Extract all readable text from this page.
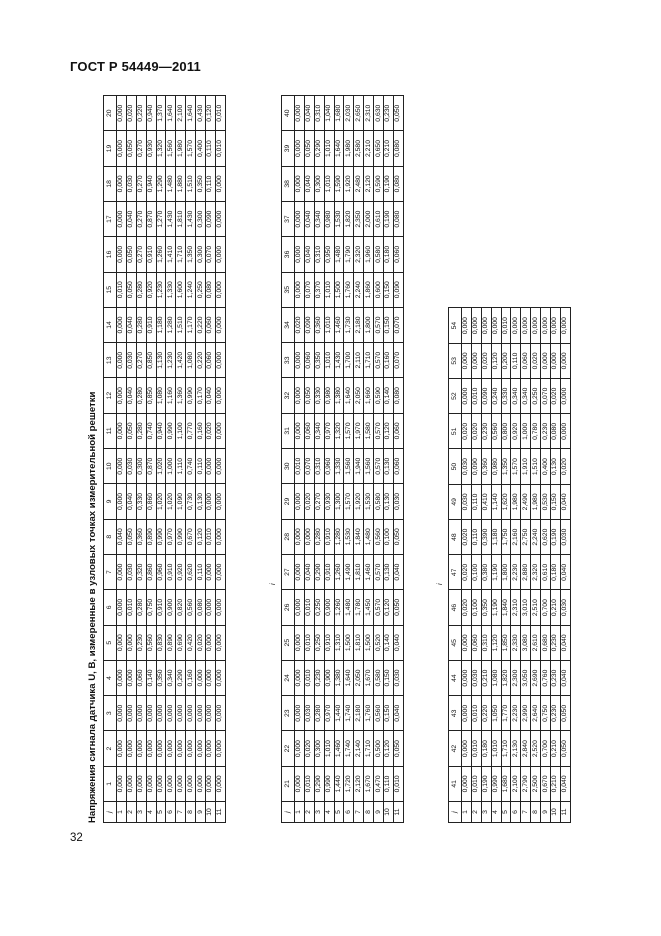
ГОСТ Р 54449—2011
Напряжения сигнала датчика U, B, измеренные в узловых точках измерительной решетки	j	1	2	3	4	5	6	7	8	9	10	11	12	13	14	15	16	17	18	19	20
1	0,000	0,000	0,000	0,000	0,000	0,000	0,000	0,040	0,000	0,000	0,000	0,000	0,000	0,000	0,010	0,000	0,000	0,000	0,000	0,000
2	0,000	0,000	0,000	0,000	0,000	0,010	0,030	0,050	0,040	0,030	0,050	0,040	0,030	0,040	0,050	0,050	0,040	0,030	0,050	0,020
3	0,000	0,000	0,000	0,060	0,230	0,280	0,320	0,360	0,330	0,300	0,280	0,280	0,270	0,280	0,280	0,270	0,270	0,270	0,270	0,220
4	0,000	0,000	0,000	0,140	0,560	0,750	0,860	0,890	0,860	0,870	0,740	0,850	0,850	0,910	0,920	0,910	0,870	0,940	0,930	0,940
5	0,000	0,000	0,000	0,350	0,830	0,910	0,960	0,990	1,020	1,020	0,940	1,080	1,130	1,180	1,230	1,260	1,270	1,290	1,320	1,370
6	0,000	0,000	0,000	0,340	0,890	0,900	0,910	0,970	1,020	1,000	0,990	1,160	1,230	1,280	1,330	1,410	1,430	1,480	1,560	1,640
7	0,000	0,000	0,000	0,290	0,690	0,820	0,920	0,990	1,090	1,110	1,100	1,360	1,420	1,510	1,600	1,710	1,810	1,880	1,980	2,100
8	0,000	0,000	0,000	0,160	0,420	0,560	0,620	0,670	0,730	0,740	0,770	0,990	1,080	1,170	1,240	1,350	1,430	1,510	1,570	1,640
9	0,000	0,000	0,000	0,000	0,020	0,080	0,110	0,120	0,130	0,110	0,160	0,170	0,220	0,220	0,250	0,300	0,300	0,350	0,400	0,430
10	0,000	0,000	0,000	0,000	0,000	0,000	0,000	0,010	0,000	0,000	0,020	0,040	0,060	0,060	0,080	0,070	0,090	0,110	0,110	0,120
11	0,000	0,000	0,000	0,000	0,000	0,000	0,000	0,000	0,000	0,000	0,000	0,000	0,000	0,000	0,000	0,000	0,000	0,000	0,010	0,010
i
j	21	22	23	24	25	26	27	28	29	30	31	32	33	34	35	36	37	38	39	40
1	0,000	0,000	0,000	0,000	0,000	0,000	0,000	0,000	0,000	0,010	0,000	0,000	0,000	0,020	0,000	0,000	0,000	0,000	0,000	0,000
2	0,010	0,020	0,030	0,010	0,010	0,010	0,040	0,000	0,020	0,070	0,060	0,050	0,060	0,090	0,070	0,040	0,040	0,040	0,050	0,040
3	0,290	0,300	0,280	0,230	0,250	0,250	0,290	0,280	0,270	0,310	0,340	0,330	0,350	0,360	0,370	0,310	0,340	0,300	0,290	0,310
4	0,990	1,010	0,970	0,900	0,910	0,900	0,910	0,910	0,930	0,960	0,970	0,980	1,010	1,010	1,010	0,950	0,980	1,010	1,010	1,040
5	1,440	1,460	1,440	1,380	1,310	1,260	1,260	1,280	1,300	1,330	1,320	1,380	1,430	1,460	1,500	1,480	1,530	1,590	1,640	1,680
6	1,720	1,740	1,740	1,640	1,500	1,480	1,490	1,530	1,570	1,560	1,570	1,640	1,700	1,730	1,760	1,790	1,820	1,920	1,980	2,030
7	2,120	2,140	2,180	2,050	1,810	1,780	1,810	1,840	1,920	1,940	1,970	2,050	2,110	2,180	2,240	2,320	2,350	2,480	2,580	2,650
8	1,670	1,710	1,760	1,670	1,500	1,450	1,460	1,480	1,530	1,560	1,580	1,660	1,710	1,800	1,860	1,960	2,000	2,120	2,210	2,310
9	0,470	0,500	0,560	0,580	0,520	0,570	0,570	0,560	0,580	0,570	0,570	0,590	0,570	0,570	0,600	0,580	0,610	0,590	0,650	0,630
10	0,110	0,120	0,150	0,150	0,140	0,120	0,130	0,100	0,130	0,130	0,120	0,140	0,160	0,150	0,150	0,180	0,190	0,190	0,210	0,230
11	0,010	0,050	0,040	0,030	0,040	0,050	0,040	0,050	0,030	0,060	0,060	0,080	0,070	0,070	0,090	0,060	0,080	0,080	0,080	0,050
i
j	41	42	43	44	45	46	47	48	49	50	51	52	53	54
1	0,000	0,000	0,000	0,000	0,000	0,020	0,020	0,020	0,030	0,030	0,020	0,000	0,000	0,000
2	0,010	0,010	0,010	0,030	0,060	0,100	0,100	0,110	0,110	0,090	0,020	0,010	0,000	0,000
3	0,190	0,180	0,220	0,210	0,310	0,350	0,380	0,390	0,410	0,360	0,230	0,090	0,020	0,000
4	0,990	1,010	1,050	1,080	1,120	1,190	1,190	1,180	1,140	0,980	0,560	0,240	0,120	0,000
5	1,680	1,710	1,770	1,820	1,850	1,840	1,800	1,750	1,620	1,350	0,800	0,330	0,200	0,010
6	2,100	2,130	2,230	2,300	2,330	2,310	2,230	2,160	1,980	1,570	0,920	0,340	0,110	0,000
7	2,790	2,840	2,990	3,050	3,080	3,010	2,880	2,750	2,490	1,910	1,000	0,340	0,060	0,000
8	2,500	2,520	2,640	2,690	2,610	2,510	2,320	2,240	1,980	1,510	0,780	0,250	0,020	0,000
9	0,670	0,700	0,750	0,760	0,680	0,700	0,610	0,620	0,530	0,400	0,230	0,070	0,000	0,000
10	0,210	0,210	0,230	0,230	0,230	0,210	0,180	0,190	0,150	0,130	0,080	0,020	0,000	0,000
11	0,040	0,050	0,050	0,040	0,040	0,030	0,040	0,030	0,040	0,020	0,000	0,000	0,000	0,000
32
